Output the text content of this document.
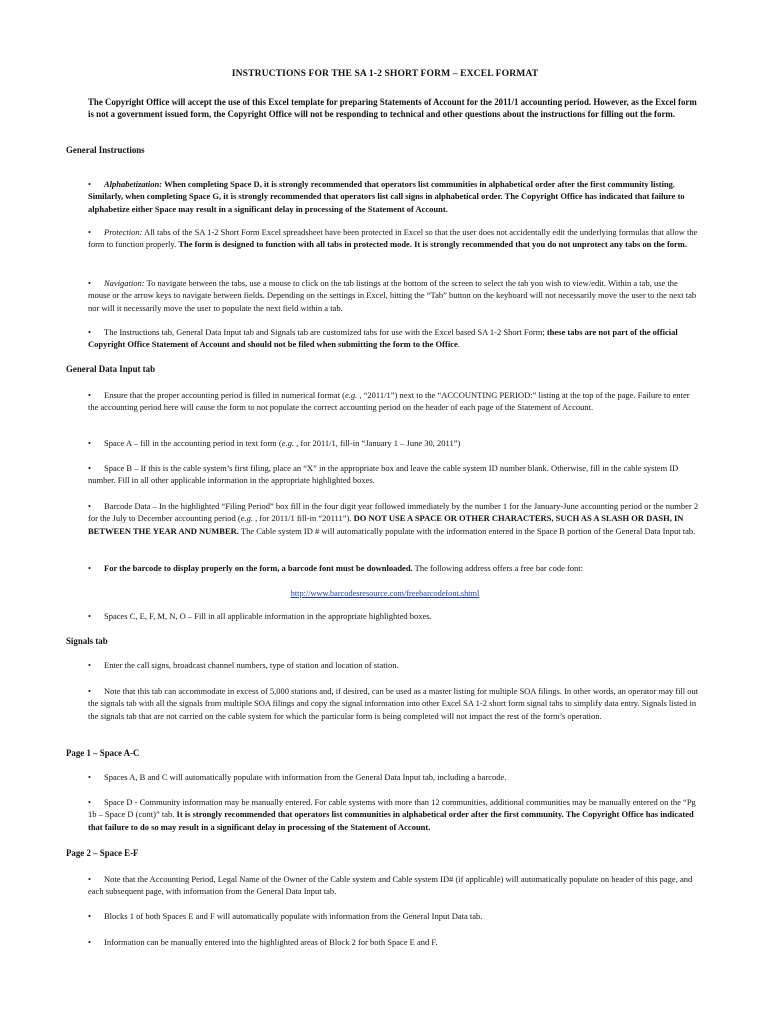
INSTRUCTIONS FOR THE SA 1-2 SHORT FORM – EXCEL FORMAT
The Copyright Office will accept the use of this Excel template for preparing Statements of Account for the 2011/1 accounting period. However, as the Excel form is not a government issued form, the Copyright Office will not be responding to technical and other questions about the instructions for filling out the form.
General Instructions
• Alphabetization: When completing Space D, it is strongly recommended that operators list communities in alphabetical order after the first community listing. Similarly, when completing Space G, it is strongly recommended that operators list call signs in alphabetical order. The Copyright Office has indicated that failure to alphabetize either Space may result in a significant delay in processing of the Statement of Account.
• Protection: All tabs of the SA 1-2 Short Form Excel spreadsheet have been protected in Excel so that the user does not accidentally edit the underlying formulas that allow the form to function properly. The form is designed to function with all tabs in protected mode. It is strongly recommended that you do not unprotect any tabs on the form.
• Navigation: To navigate between the tabs, use a mouse to click on the tab listings at the bottom of the screen to select the tab you wish to view/edit. Within a tab, use the mouse or the arrow keys to navigate between fields. Depending on the settings in Excel, hitting the “Tab” button on the keyboard will not necessarily move the user to the next tab nor will it necessarily move the user to populate the next field within a tab.
• The Instructions tab, General Data Input tab and Signals tab are customized tabs for use with the Excel based SA 1-2 Short Form; these tabs are not part of the official Copyright Office Statement of Account and should not be filed when submitting the form to the Office.
General Data Input tab
• Ensure that the proper accounting period is filled in numerical format (e.g. , “2011/1”) next to the “ACCOUNTING PERIOD:” listing at the top of the page. Failure to enter the accounting period here will cause the form to not populate the correct accounting period on the header of each page of the Statement of Account.
• Space A – fill in the accounting period in text form (e.g. , for 2011/1, fill-in “January 1 – June 30, 2011”)
• Space B – If this is the cable system’s first filing, place an “X” in the appropriate box and leave the cable system ID number blank. Otherwise, fill in the cable system ID number. Fill in all other applicable information in the appropriate highlighted boxes.
• Barcode Data – In the highlighted “Filing Period” box fill in the four digit year followed immediately by the number 1 for the January-June accounting period or the number 2 for the July to December accounting period (e.g. , for 2011/1 fill-in “20111”). DO NOT USE A SPACE OR OTHER CHARACTERS, SUCH AS A SLASH OR DASH, IN BETWEEN THE YEAR AND NUMBER. The Cable system ID # will automatically populate with the information entered in the Space B portion of the General Data Input tab.
• For the barcode to display properly on the form, a barcode font must be downloaded. The following address offers a free bar code font:
http://www.barcodesresource.com/freebarcodefont.shtml
• Spaces C, E, F, M, N, O – Fill in all applicable information in the appropriate highlighted boxes.
Signals tab
• Enter the call signs, broadcast channel numbers, type of station and location of station.
• Note that this tab can accommodate in excess of 5,000 stations and, if desired, can be used as a master listing for multiple SOA filings. In other words, an operator may fill out the signals tab with all the signals from multiple SOA filings and copy the signal information into other Excel SA 1-2 short form signal tabs to simplify data entry. Signals listed in the signals tab that are not carried on the cable system for which the particular form is being completed will not impact the rest of the form’s operation.
Page 1 – Space A-C
• Spaces A, B and C will automatically populate with information from the General Data Input tab, including a barcode.
• Space D - Community information may be manually entered. For cable systems with more than 12 communities, additional communities may be manually entered on the “Pg 1b – Space D (cont)” tab. It is strongly recommended that operators list communities in alphabetical order after the first community. The Copyright Office has indicated that failure to do so may result in a significant delay in processing of the Statement of Account.
Page 2 – Space E-F
• Note that the Accounting Period, Legal Name of the Owner of the Cable system and Cable system ID# (if applicable) will automatically populate on header of this page, and each subsequent page, with information from the General Data Input tab.
• Blocks 1 of both Spaces E and F will automatically populate with information from the General Input Data tab.
• Information can be manually entered into the highlighted areas of Block 2 for both Space E and F.
